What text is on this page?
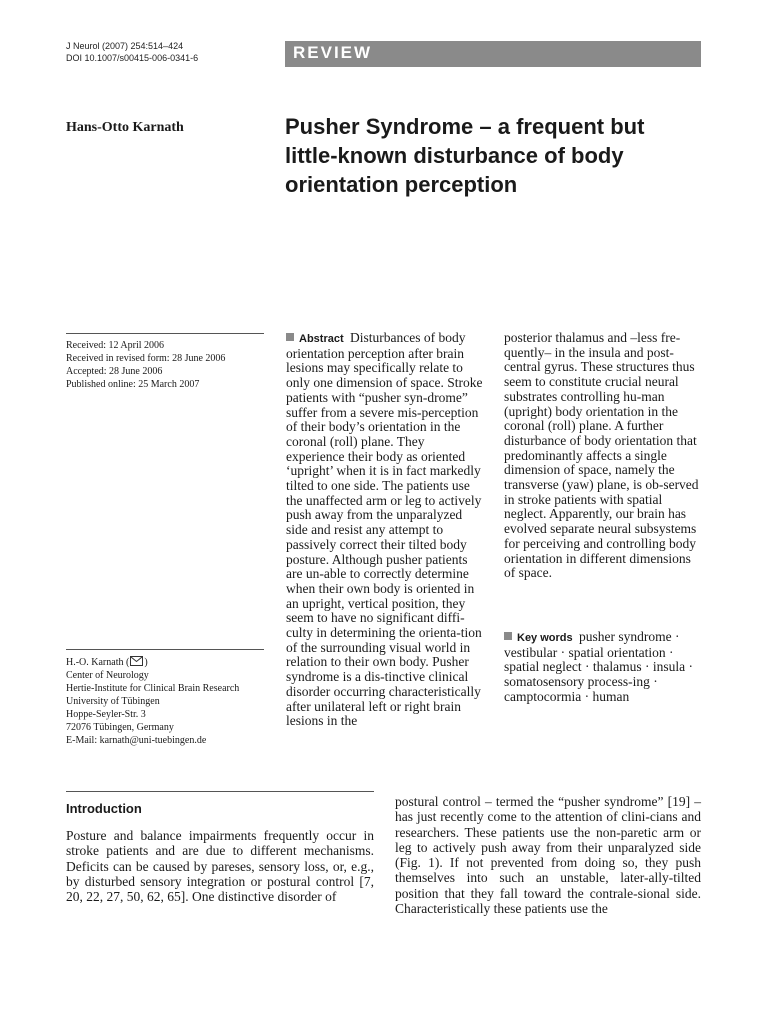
J Neurol (2007) 254:514–424
DOI 10.1007/s00415-006-0341-6	REVIEW
Hans-Otto Karnath	Pusher Syndrome – a frequent but little-known disturbance of body orientation perception
Received: 12 April 2006
Received in revised form: 28 June 2006
Accepted: 28 June 2006
Published online: 25 March 2007
H.-O. Karnath ( )
Center of Neurology
Hertie-Institute for Clinical Brain Research
University of Tübingen
Hoppe-Seyler-Str. 3
72076 Tübingen, Germany
E-Mail: karnath@uni-tuebingen.de
Abstract Disturbances of body orientation perception after brain lesions may specifically relate to only one dimension of space. Stroke patients with “pusher syn-drome” suffer from a severe mis-perception of their body’s orientation in the coronal (roll) plane. They experience their body as oriented ‘upright’ when it is in fact markedly tilted to one side. The patients use the unaffected arm or leg to actively push away from the unparalyzed side and resist any attempt to passively correct their tilted body posture. Although pusher patients are un-able to correctly determine when their own body is oriented in an upright, vertical position, they seem to have no significant diffi-culty in determining the orienta-tion of the surrounding visual world in relation to their own body. Pusher syndrome is a dis-tinctive clinical disorder occurring characteristically after unilateral left or right brain lesions in the
posterior thalamus and –less fre-quently– in the insula and post-central gyrus. These structures thus seem to constitute crucial neural substrates controlling hu-man (upright) body orientation in the coronal (roll) plane. A further disturbance of body orientation that predominantly affects a single dimension of space, namely the transverse (yaw) plane, is ob-served in stroke patients with spatial neglect. Apparently, our brain has evolved separate neural subsystems for perceiving and controlling body orientation in different dimensions of space.
Key words pusher syndrome · vestibular · spatial orientation · spatial neglect · thalamus · insula · somatosensory process-ing · camptocormia · human
Introduction
Posture and balance impairments frequently occur in stroke patients and are due to different mechanisms. Deficits can be caused by pareses, sensory loss, or, e.g., by disturbed sensory integration or postural control [7, 20, 22, 27, 50, 62, 65]. One distinctive disorder of
postural control – termed the “pusher syndrome” [19] – has just recently come to the attention of clini-cians and researchers. These patients use the non-paretic arm or leg to actively push away from their unparalyzed side (Fig. 1). If not prevented from doing so, they push themselves into such an unstable, later-ally-tilted position that they fall toward the contrale-sional side. Characteristically these patients use the
